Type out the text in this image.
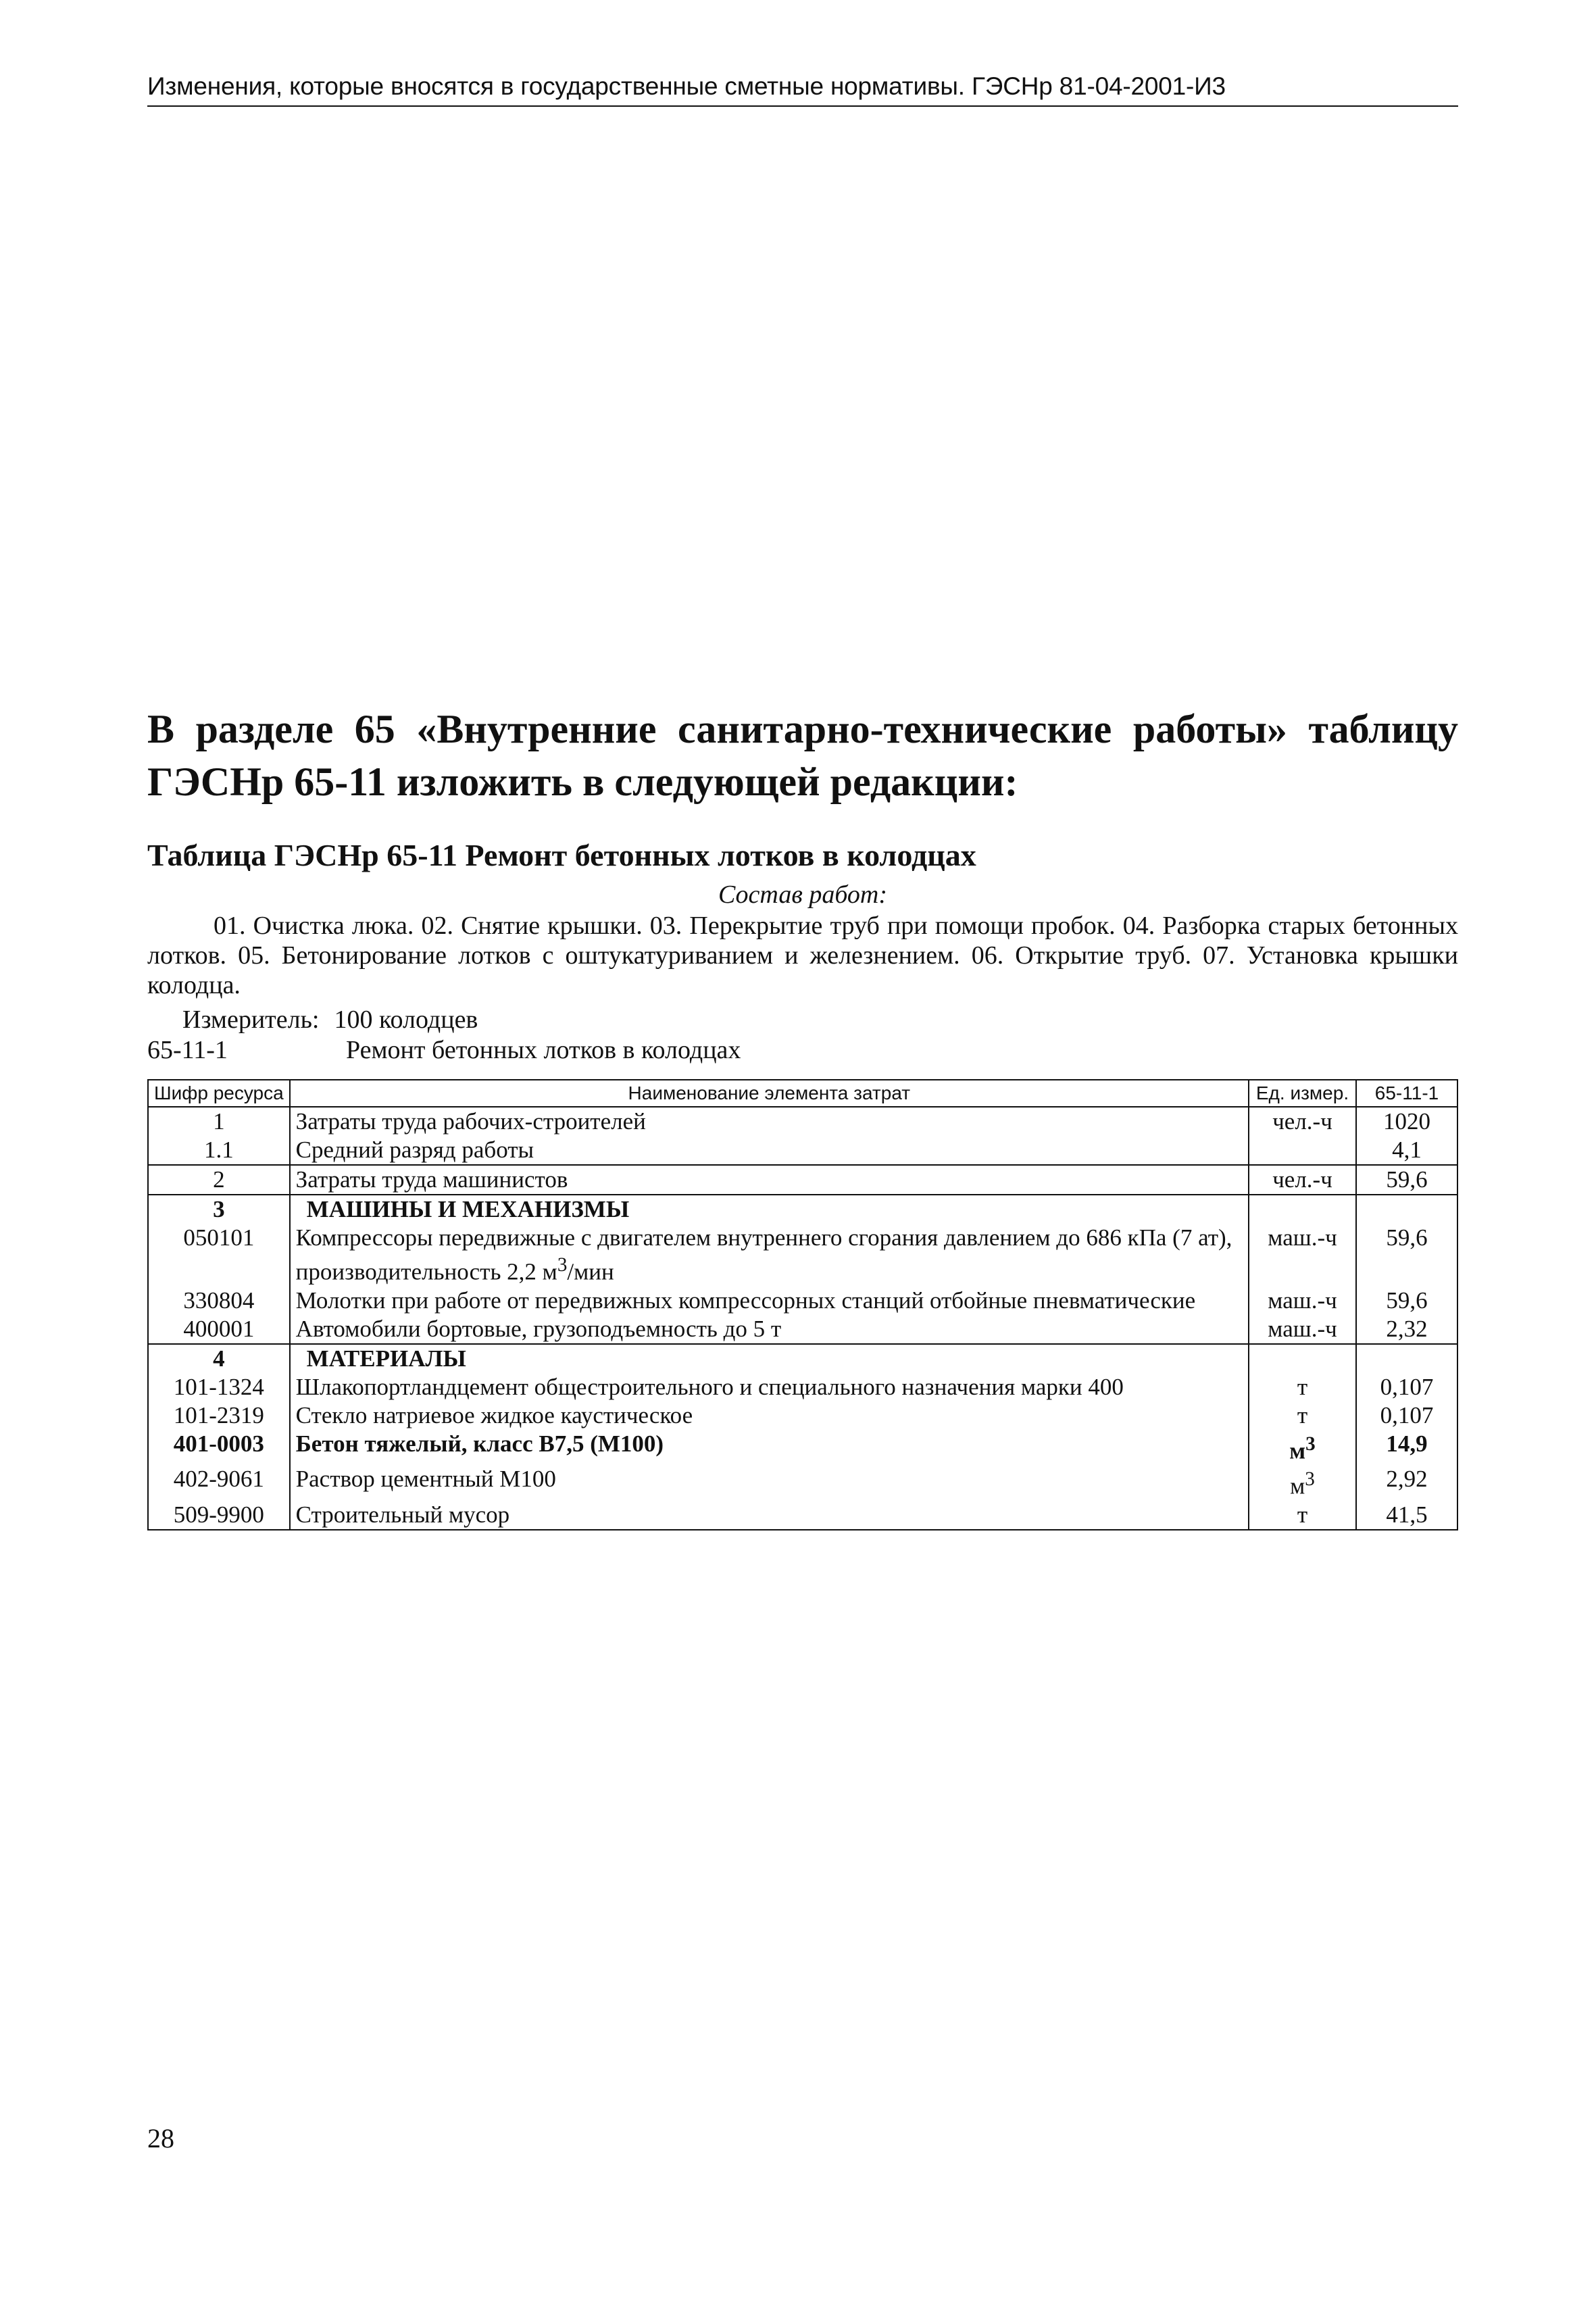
Изменения, которые вносятся в государственные сметные нормативы. ГЭСНр 81-04-2001-И3
В разделе 65 «Внутренние санитарно-технические работы» таблицу ГЭСНр 65-11 изложить в следующей редакции:
Таблица ГЭСНр 65-11 Ремонт бетонных лотков в колодцах
Состав работ:
01. Очистка люка. 02. Снятие крышки. 03. Перекрытие труб при помощи пробок. 04. Разборка старых бетонных лотков. 05. Бетонирование лотков с оштукатуриванием и железнением. 06. Открытие труб. 07. Установка крышки колодца.
Измеритель: 100 колодцев
65-11-1	Ремонт бетонных лотков в колодцах
Шифр ресурса	Наименование элемента затрат	Ед. измер.	65-11-1
1	Затраты труда рабочих-строителей	чел.-ч	1020
1.1	Средний разряд работы		4,1
2	Затраты труда машинистов	чел.-ч	59,6
3	МАШИНЫ И МЕХАНИЗМЫ		
050101	Компрессоры передвижные с двигателем внутреннего сгорания давлением до 686 кПа (7 ат), производительность 2,2 $м^3$/мин	маш.-ч	59,6
330804	Молотки при работе от передвижных компрессорных станций отбойные пневматические	маш.-ч	59,6
400001	Автомобили бортовые, грузоподъемность до 5 т	маш.-ч	2,32
4	МАТЕРИАЛЫ		
101-1324	Шлакопортландцемент общестроительного и специального назначения марки 400	т	0,107
101-2319	Стекло натриевое жидкое каустическое	т	0,107
401-0003	Бетон тяжелый, класс В7,5 (М100)	$м^3$	14,9
402-9061	Раствор цементный М100	$м^3$	2,92
509-9900	Строительный мусор	т	41,5
28
